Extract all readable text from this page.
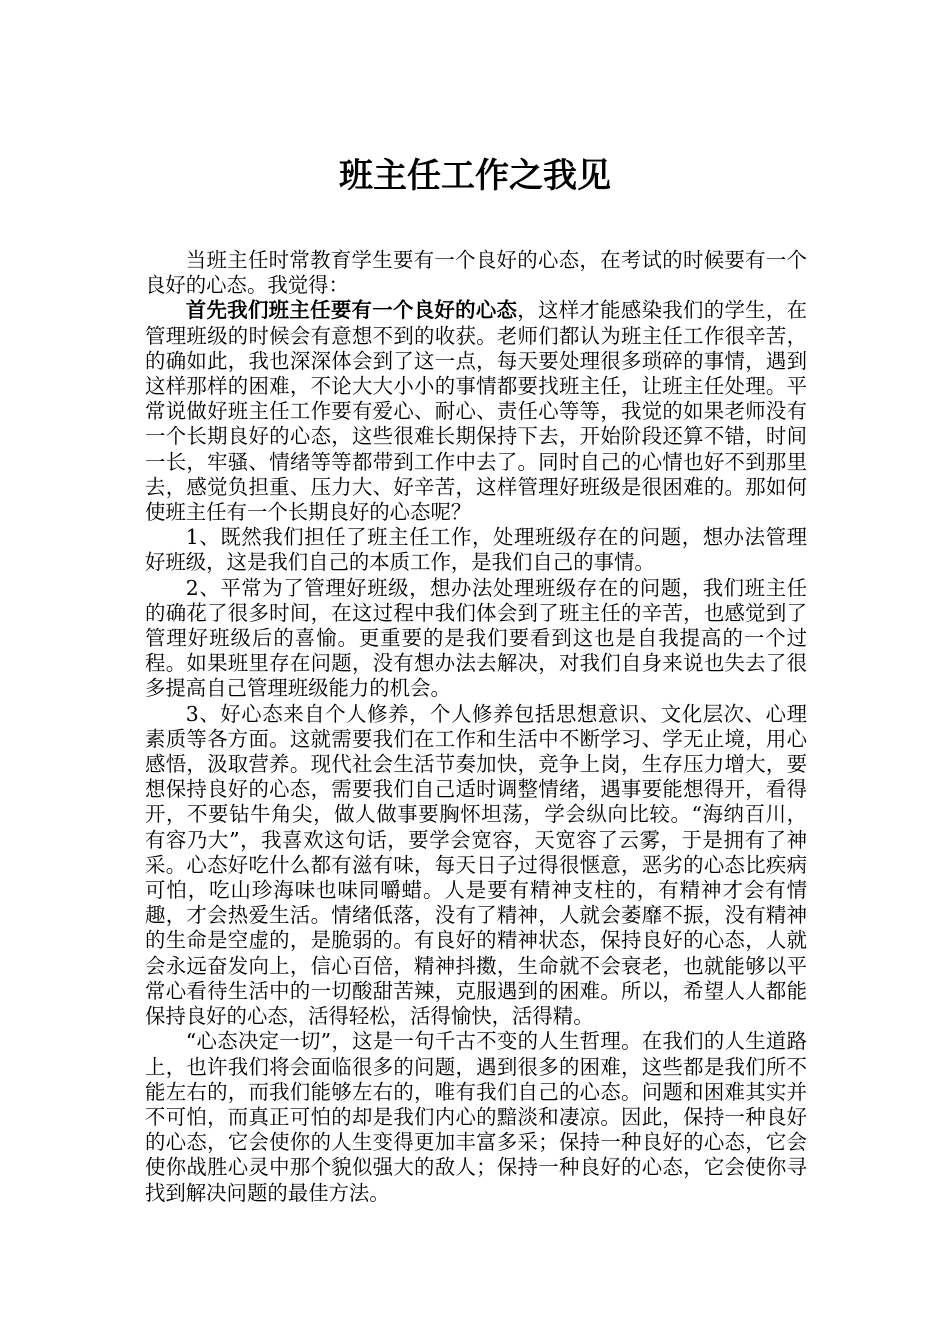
班主任工作之我见

当班主任时常教育学生要有一个良好的心态，在考试的时候要有一个良好的心态。我觉得：

首先我们班主任要有一个良好的心态，这样才能感染我们的学生，在管理班级的时候会有意想不到的收获。老师们都认为班主任工作很辛苦，的确如此，我也深深体会到了这一点，每天要处理很多琐碎的事情，遇到这样那样的困难，不论大大小小的事情都要找班主任，让班主任处理。平常说做好班主任工作要有爱心、耐心、责任心等等，我觉的如果老师没有一个长期良好的心态，这些很难长期保持下去，开始阶段还算不错，时间一长，牢骚、情绪等等都带到工作中去了。同时自己的心情也好不到那里去，感觉负担重、压力大、好辛苦，这样管理好班级是很困难的。那如何使班主任有一个长期良好的心态呢？

1、既然我们担任了班主任工作，处理班级存在的问题，想办法管理好班级，这是我们自己的本质工作，是我们自己的事情。

2、平常为了管理好班级，想办法处理班级存在的问题，我们班主任的确花了很多时间，在这过程中我们体会到了班主任的辛苦，也感觉到了管理好班级后的喜愉。更重要的是我们要看到这也是自我提高的一个过程。如果班里存在问题，没有想办法去解决，对我们自身来说也失去了很多提高自己管理班级能力的机会。

3、好心态来自个人修养，个人修养包括思想意识、文化层次、心理素质等各方面。这就需要我们在工作和生活中不断学习、学无止境，用心感悟，汲取营养。现代社会生活节奏加快，竞争上岗，生存压力增大，要想保持良好的心态，需要我们自己适时调整情绪，遇事要能想得开，看得开，不要钻牛角尖，做人做事要胸怀坦荡，学会纵向比较。“海纳百川，有容乃大”，我喜欢这句话，要学会宽容，天宽容了云雾，于是拥有了神采。心态好吃什么都有滋有味，每天日子过得很惬意，恶劣的心态比疾病可怕，吃山珍海味也味同嚼蜡。人是要有精神支柱的，有精神才会有情趣，才会热爱生活。情绪低落，没有了精神，人就会萎靡不振，没有精神的生命是空虚的，是脆弱的。有良好的精神状态，保持良好的心态，人就会永远奋发向上，信心百倍，精神抖擞，生命就不会衰老，也就能够以平常心看待生活中的一切酸甜苦辣，克服遇到的困难。所以，希望人人都能保持良好的心态，活得轻松，活得愉快，活得精。

“心态决定一切”，这是一句千古不变的人生哲理。在我们的人生道路上，也许我们将会面临很多的问题，遇到很多的困难，这些都是我们所不能左右的，而我们能够左右的，唯有我们自己的心态。问题和困难其实并不可怕，而真正可怕的却是我们内心的黯淡和凄凉。因此，保持一种良好的心态，它会使你的人生变得更加丰富多采；保持一种良好的心态，它会使你战胜心灵中那个貌似强大的敌人；保持一种良好的心态，它会使你寻找到解决问题的最佳方法。
